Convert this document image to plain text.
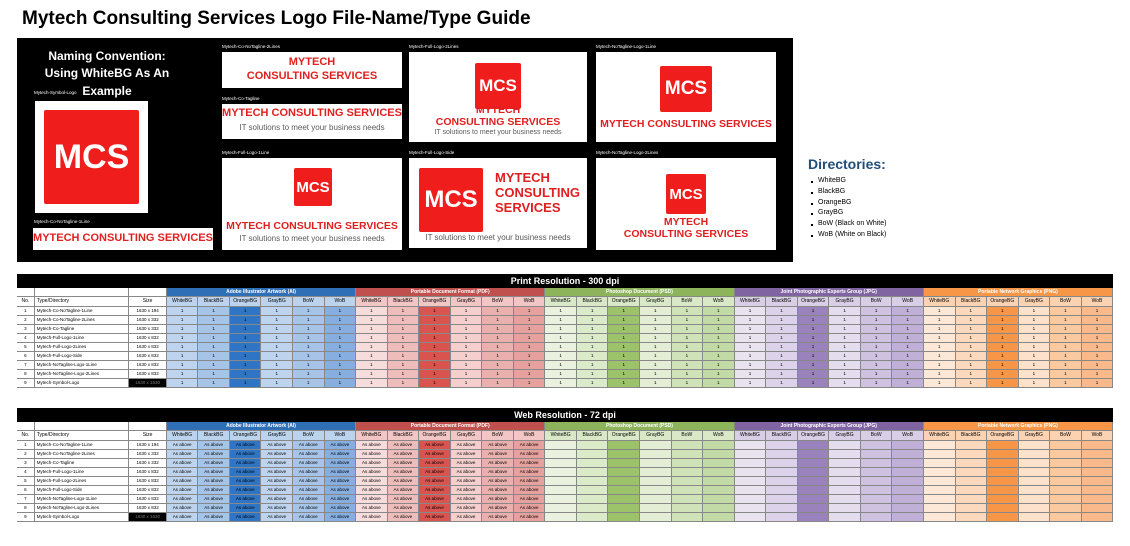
Mytech Consulting Services Logo File-Name/Type Guide
Naming Convention: Using WhiteBG As An Example
Mytech-Symbol-Logo
MCS
Mytech-Co-NoTagline-1Line
MYTECH CONSULTING SERVICES
Mytech-Co-NoTagline-2Lines
MYTECH
CONSULTING SERVICES
Mytech-Co-Tagline
MYTECH CONSULTING SERVICES
IT solutions to meet your business needs
Mytech-Full-Logo-1Line
MCS
MYTECH CONSULTING SERVICES
IT solutions to meet your business needs
Mytech-Full-Logo-2Lines
MCS
MYTECH
CONSULTING SERVICES
IT solutions to meet your business needs
Mytech-Full-Logo-Side
MCS
MYTECH
CONSULTING
SERVICES
IT solutions to meet your business needs
Mytech-NoTagline-Logo-1Line
MCS
MYTECH CONSULTING SERVICES
Mytech-NoTagline-Logo-2Lines
MCS
MYTECH
CONSULTING SERVICES
Directories:
WhiteBG
BlackBG
OrangeBG
GrayBG
BoW (Black on White)
WoB (White on Black)
Print Resolution - 300 dpi
Adobe Illustrator Artwork (AI)	Portable Document Format (PDF)	Photoshop Document (PSD)	Joint Photographic Experts Group (JPG)	Portable Network Graphics (PNG)
No.	Type/Directory	Size	WhiteBG	BlackBG	OrangeBG	GrayBG	BoW	WoB	WhiteBG	BlackBG	OrangeBG	GrayBG	BoW	WoB	WhiteBG	BlackBG	OrangeBG	GrayBG	BoW	WoB	WhiteBG	BlackBG	OrangeBG	GrayBG	BoW	WoB	WhiteBG	BlackBG	OrangeBG	GrayBG	BoW	WoB
1	Mytech-Co-NoTagline-1Line	1630 x 194	1	1	1	1	1	1	1	1	1	1	1	1	1	1	1	1	1	1	1	1	1	1	1	1	1	1	1	1	1	1
2	Mytech-Co-NoTagline-2Lines	1630 x 332	1	1	1	1	1	1	1	1	1	1	1	1	1	1	1	1	1	1	1	1	1	1	1	1	1	1	1	1	1	1
3	Mytech-Co-Tagline	1630 x 332	1	1	1	1	1	1	1	1	1	1	1	1	1	1	1	1	1	1	1	1	1	1	1	1	1	1	1	1	1	1
4	Mytech-Full-Logo-1Line	1630 x 832	1	1	1	1	1	1	1	1	1	1	1	1	1	1	1	1	1	1	1	1	1	1	1	1	1	1	1	1	1	1
5	Mytech-Full-Logo-2Lines	1630 x 832	1	1	1	1	1	1	1	1	1	1	1	1	1	1	1	1	1	1	1	1	1	1	1	1	1	1	1	1	1	1
6	Mytech-Full-Logo-Side	1630 x 832	1	1	1	1	1	1	1	1	1	1	1	1	1	1	1	1	1	1	1	1	1	1	1	1	1	1	1	1	1	1
7	Mytech-NoTagline-Logo-1Line	1630 x 832	1	1	1	1	1	1	1	1	1	1	1	1	1	1	1	1	1	1	1	1	1	1	1	1	1	1	1	1	1	1
8	Mytech-NoTagline-Logo-2Lines	1630 x 832	1	1	1	1	1	1	1	1	1	1	1	1	1	1	1	1	1	1	1	1	1	1	1	1	1	1	1	1	1	1
9	Mytech-Symbol-Logo	1630 x 1630	1	1	1	1	1	1	1	1	1	1	1	1	1	1	1	1	1	1	1	1	1	1	1	1	1	1	1	1	1	1
Web Resolution - 72 dpi
Adobe Illustrator Artwork (AI)	Portable Document Format (PDF)	Photoshop Document (PSD)	Joint Photographic Experts Group (JPG)	Portable Network Graphics (PNG)
No.	Type/Directory	Size	WhiteBG	BlackBG	OrangeBG	GrayBG	BoW	WoB	WhiteBG	BlackBG	OrangeBG	GrayBG	BoW	WoB	WhiteBG	BlackBG	OrangeBG	GrayBG	BoW	WoB	WhiteBG	BlackBG	OrangeBG	GrayBG	BoW	WoB	WhiteBG	BlackBG	OrangeBG	GrayBG	BoW	WoB
1	Mytech-Co-NoTagline-1Line	1630 x 194	As above	As above	As above	As above	As above	As above	As above	As above	As above	As above	As above	As above
2	Mytech-Co-NoTagline-2Lines	1630 x 332	As above	As above	As above	As above	As above	As above	As above	As above	As above	As above	As above	As above
3	Mytech-Co-Tagline	1630 x 332	As above	As above	As above	As above	As above	As above	As above	As above	As above	As above	As above	As above
4	Mytech-Full-Logo-1Line	1630 x 832	As above	As above	As above	As above	As above	As above	As above	As above	As above	As above	As above	As above
5	Mytech-Full-Logo-2Lines	1630 x 832	As above	As above	As above	As above	As above	As above	As above	As above	As above	As above	As above	As above
6	Mytech-Full-Logo-Side	1630 x 832	As above	As above	As above	As above	As above	As above	As above	As above	As above	As above	As above	As above
7	Mytech-NoTagline-Logo-1Line	1630 x 832	As above	As above	As above	As above	As above	As above	As above	As above	As above	As above	As above	As above
8	Mytech-NoTagline-Logo-2Lines	1630 x 832	As above	As above	As above	As above	As above	As above	As above	As above	As above	As above	As above	As above
9	Mytech-Symbol-Logo	1630 x 1630	As above	As above	As above	As above	As above	As above	As above	As above	As above	As above	As above	As above
